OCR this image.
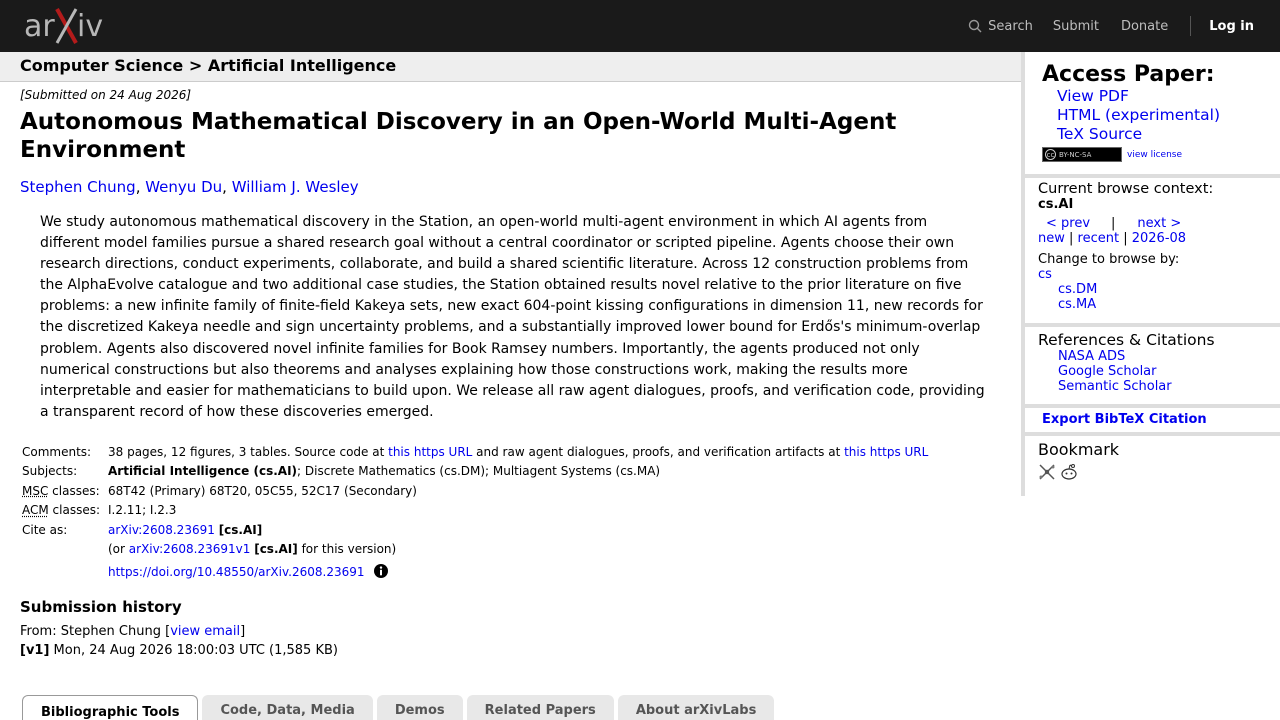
ar iv	Search Submit Donate	Log in
Computer Science > Artificial Intelligence
[Submitted on 24 Aug 2026]
Autonomous Mathematical Discovery in an Open-World Multi-Agent Environment
Stephen Chung, Wenyu Du, William J. Wesley

We study autonomous mathematical discovery in the Station, an open-world multi-agent environment in which AI agents from different model families pursue a shared research goal without a central coordinator or scripted pipeline. Agents choose their own research directions, conduct experiments, collaborate, and build a shared scientific literature. Across 12 construction problems from the AlphaEvolve catalogue and two additional case studies, the Station obtained results novel relative to the prior literature on five problems: a new infinite family of finite-field Kakeya sets, new exact 604-point kissing configurations in dimension 11, new records for the discretized Kakeya needle and sign uncertainty problems, and a substantially improved lower bound for Erdős's minimum-overlap problem. Agents also discovered novel infinite families for Book Ramsey numbers. Importantly, the agents produced not only numerical constructions but also theorems and analyses explaining how those constructions work, making the results more interpretable and easier for mathematicians to build upon. We release all raw agent dialogues, proofs, and verification code, providing a transparent record of how these discoveries emerged.

Comments:	38 pages, 12 figures, 3 tables. Source code at this https URL and raw agent dialogues, proofs, and verification artifacts at this https URL
Subjects:	Artificial Intelligence (cs.AI); Discrete Mathematics (cs.DM); Multiagent Systems (cs.MA)
MSC classes:	68T42 (Primary) 68T20, 05C55, 52C17 (Secondary)
ACM classes:	I.2.11; I.2.3
Cite as:	arXiv:2608.23691 [cs.AI]
	(or arXiv:2608.23691v1 [cs.AI] for this version)
	https://doi.org/10.48550/arXiv.2608.23691
Submission history
From: Stephen Chung [view email]
[v1] Mon, 24 Aug 2026 18:00:03 UTC (1,585 KB)
Bibliographic Tools	Code, Data, Media	Demos	Related Papers	About arXivLabs
Access Paper:
View PDF
HTML (experimental)
TeX Source
cc BY-NC-SA	view license
Current browse context:
cs.AI
< prev | next >
new | recent | 2026-08
Change to browse by:
cs
cs.DM
cs.MA
References & Citations
NASA ADS
Google Scholar
Semantic Scholar
Export BibTeX Citation
Bookmark
